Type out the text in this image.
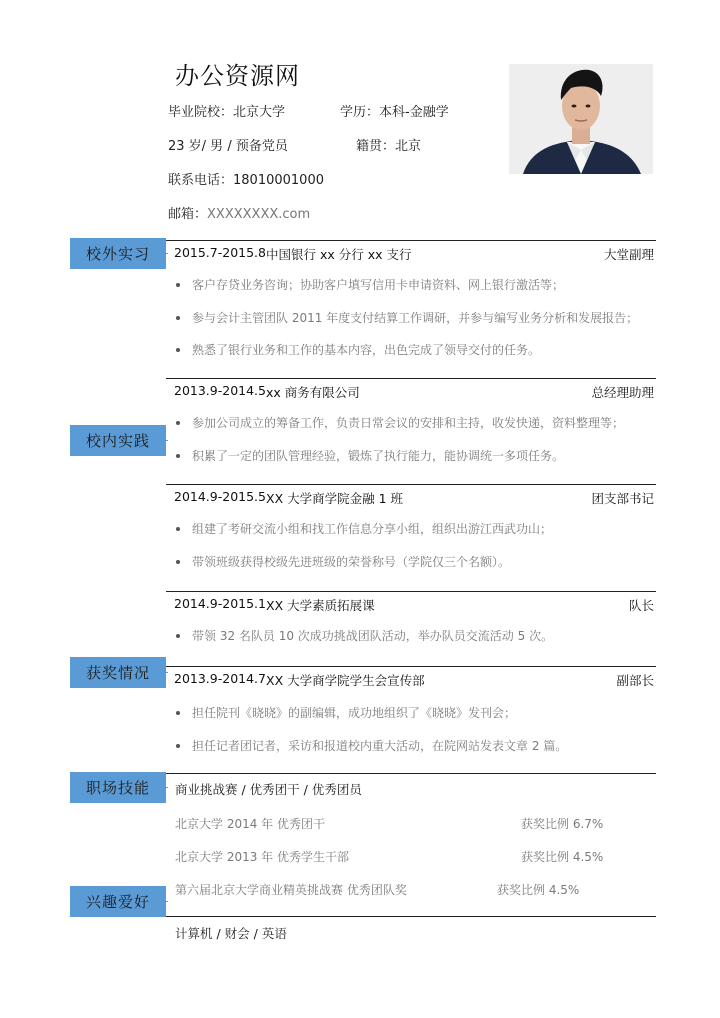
办公资源网
毕业院校：北京大学	学历：本科-金融学
23 岁/ 男 / 预备党员	籍贯：北京
联系电话：18010001000
邮箱：XXXXXXXX.com
校外实习
校内实践
获奖情况
职场技能
兴趣爱好
2015.7-2015.8 中国银行 xx 分行 xx 支行	大堂副理
客户存贷业务咨询；协助客户填写信用卡申请资料、网上银行激活等；
参与会计主管团队 2011 年度支付结算工作调研，并参与编写业务分析和发展报告；
熟悉了银行业务和工作的基本内容，出色完成了领导交付的任务。
2013.9-2014.5 xx 商务有限公司	总经理助理
参加公司成立的筹备工作，负责日常会议的安排和主持，收发快递，资料整理等；
积累了一定的团队管理经验，锻炼了执行能力，能协调统一多项任务。
2014.9-2015.5 XX 大学商学院金融 1 班	团支部书记
组建了考研交流小组和找工作信息分享小组，组织出游江西武功山；
带领班级获得校级先进班级的荣誉称号（学院仅三个名额）。
2014.9-2015.1 XX 大学素质拓展课	队长
带领 32 名队员 10 次成功挑战团队活动，举办队员交流活动 5 次。
2013.9-2014.7 XX 大学商学院学生会宣传部	副部长
担任院刊《晓晓》的副编辑，成功地组织了《晓晓》发刊会；
担任记者团记者，采访和报道校内重大活动，在院网站发表文章 2 篇。
商业挑战赛 / 优秀团干 / 优秀团员
北京大学 2014 年 优秀团干	获奖比例 6.7%
北京大学 2013 年 优秀学生干部	获奖比例 4.5%
第六届北京大学商业精英挑战赛 优秀团队奖	获奖比例 4.5%
计算机 / 财会 / 英语
